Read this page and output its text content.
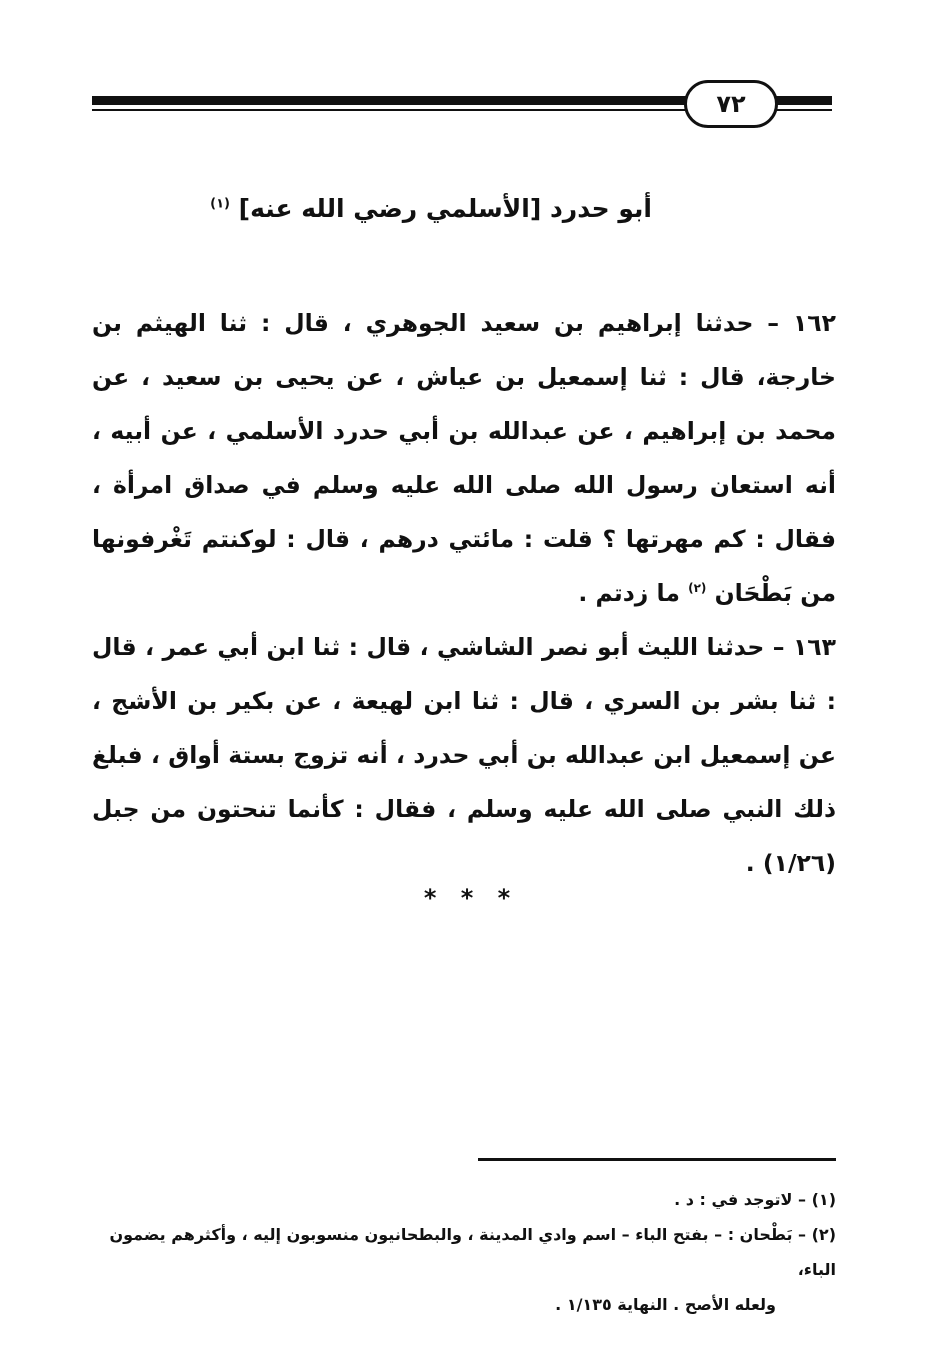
٧٢
أبو حدرد [الأسلمي رضي الله عنه] $^{(١)}$

١٦٢ – حدثنا إبراهيم بن سعيد الجوهري ، قال : ثنا الهيثم بن خارجة، قال : ثنا إسمعيل بن عياش ، عن يحيى بن سعيد ، عن محمد بن إبراهيم ، عن عبدالله بن أبي حدرد الأسلمي ، عن أبيه ، أنه استعان رسول الله صلى الله عليه وسلم في صداق امرأة ، فقال : كم مهرتها ؟ قلت : مائتي درهم ، قال : لوكنتم تَغْرفونها من بَطْحَان $^{(٢)}$ ما زدتم .

١٦٣ – حدثنا الليث أبو نصر الشاشي ، قال : ثنا ابن أبي عمر ، قال : ثنا بشر بن السري ، قال : ثنا ابن لهيعة ، عن بكير بن الأشج ، عن إسمعيل ابن عبدالله بن أبي حدرد ، أنه تزوج بستة أواق ، فبلغ ذلك النبي صلى الله عليه وسلم ، فقال : كأنما تنحتون من جبل (١/٢٦) .

* * *

(١) – لاتوجد في : د .

(٢) – بَطْحان : – بفتح الباء – اسم وادي المدينة ، والبطحانيون منسوبون إليه ، وأكثرهم يضمون الباء،

ولعله الأصح . النهاية ١/١٣٥ .
